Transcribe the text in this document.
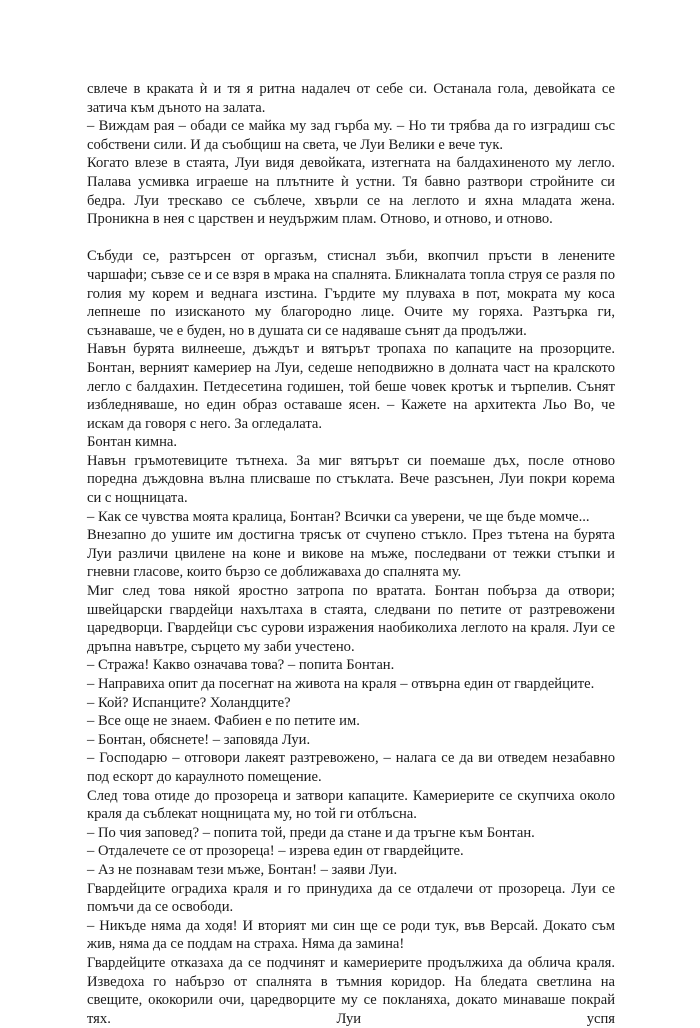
свлече в краката ѝ и тя я ритна надалеч от себе си. Останала гола, девойката се затича към дъното на залата.

– Виждам рая – обади се майка му зад гърба му. – Но ти трябва да го изградиш със собствени сили. И да съобщиш на света, че Луи Велики е вече тук.

Когато влезе в стаята, Луи видя девойката, изтегната на балдахиненото му легло. Палава усмивка играеше на плътните ѝ устни. Тя бавно разтвори стройните си бедра. Луи трескаво се съблече, хвърли се на леглото и яхна младата жена. Проникна в нея с царствен и неудържим плам. Отново, и отново, и отново.

Събуди се, разтърсен от оргазъм, стиснал зъби, вкопчил пръсти в ленените чаршафи; съвзе се и се взря в мрака на спалнята. Бликналата топла струя се разля по голия му корем и веднага изстина. Гърдите му плуваха в пот, мократа му коса лепнеше по изисканото му благородно лице. Очите му горяха. Разтърка ги, съзнаваше, че е буден, но в душата си се надяваше сънят да продължи.

Навън бурята вилнееше, дъждът и вятърът тропаха по капаците на прозорците. Бонтан, верният камериер на Луи, седеше неподвижно в долната част на кралското легло с балдахин. Петдесетина годишен, той беше човек кротък и търпелив. Сънят избледняваше, но един образ оставаше ясен. – Кажете на архитекта Льо Во, че искам да говоря с него. За огледалата.

Бонтан кимна.

Навън гръмотевиците тътнеха. За миг вятърът си поемаше дъх, после отново поредна дъждовна вълна плисваше по стъклата. Вече разсънен, Луи покри корема си с нощницата.

– Как се чувства моята кралица, Бонтан? Всички са уверени, че ще бъде момче...

Внезапно до ушите им достигна трясък от счупено стъкло. През тътена на бурята Луи различи цвилене на коне и викове на мъже, последвани от тежки стъпки и гневни гласове, които бързо се доближаваха до спалнята му.

Миг след това някой яростно затропа по вратата. Бонтан побърза да отвори; швейцарски гвардейци нахълтаха в стаята, следвани по петите от разтревожени царедворци. Гвардейци със сурови изражения наобиколиха леглото на краля. Луи се дръпна навътре, сърцето му заби учестено.

– Стража! Какво означава това? – попита Бонтан.

– Направиха опит да посегнат на живота на краля – отвърна един от гвардейците.

– Кой? Испанците? Холандците?

– Все още не знаем. Фабиен е по петите им.

– Бонтан, обяснете! – заповяда Луи.

– Господарю – отговори лакеят разтревожено, – налага се да ви отведем незабавно под ескорт до караулното помещение.

След това отиде до прозореца и затвори капаците. Камериерите се скупчиха около краля да съблекат нощницата му, но той ги отблъсна.

– По чия заповед? – попита той, преди да стане и да тръгне към Бонтан.

– Отдалечете се от прозореца! – изрева един от гвардейците.

– Аз не познавам тези мъже, Бонтан! – заяви Луи.

Гвардейците оградиха краля и го принудиха да се отдалечи от прозореца. Луи се помъчи да се освободи.

– Никъде няма да ходя! И вторият ми син ще се роди тук, във Версай. Докато съм жив, няма да се поддам на страха. Няма да замина!

Гвардейците отказаха да се подчинят и камериерите продължиха да облича краля. Изведоха го набързо от спалнята в тъмния коридор. На бледата светлина на свещите, ококорили очи, царедворците му се покланяха, докато минаваше покрай тях. Луи успя
